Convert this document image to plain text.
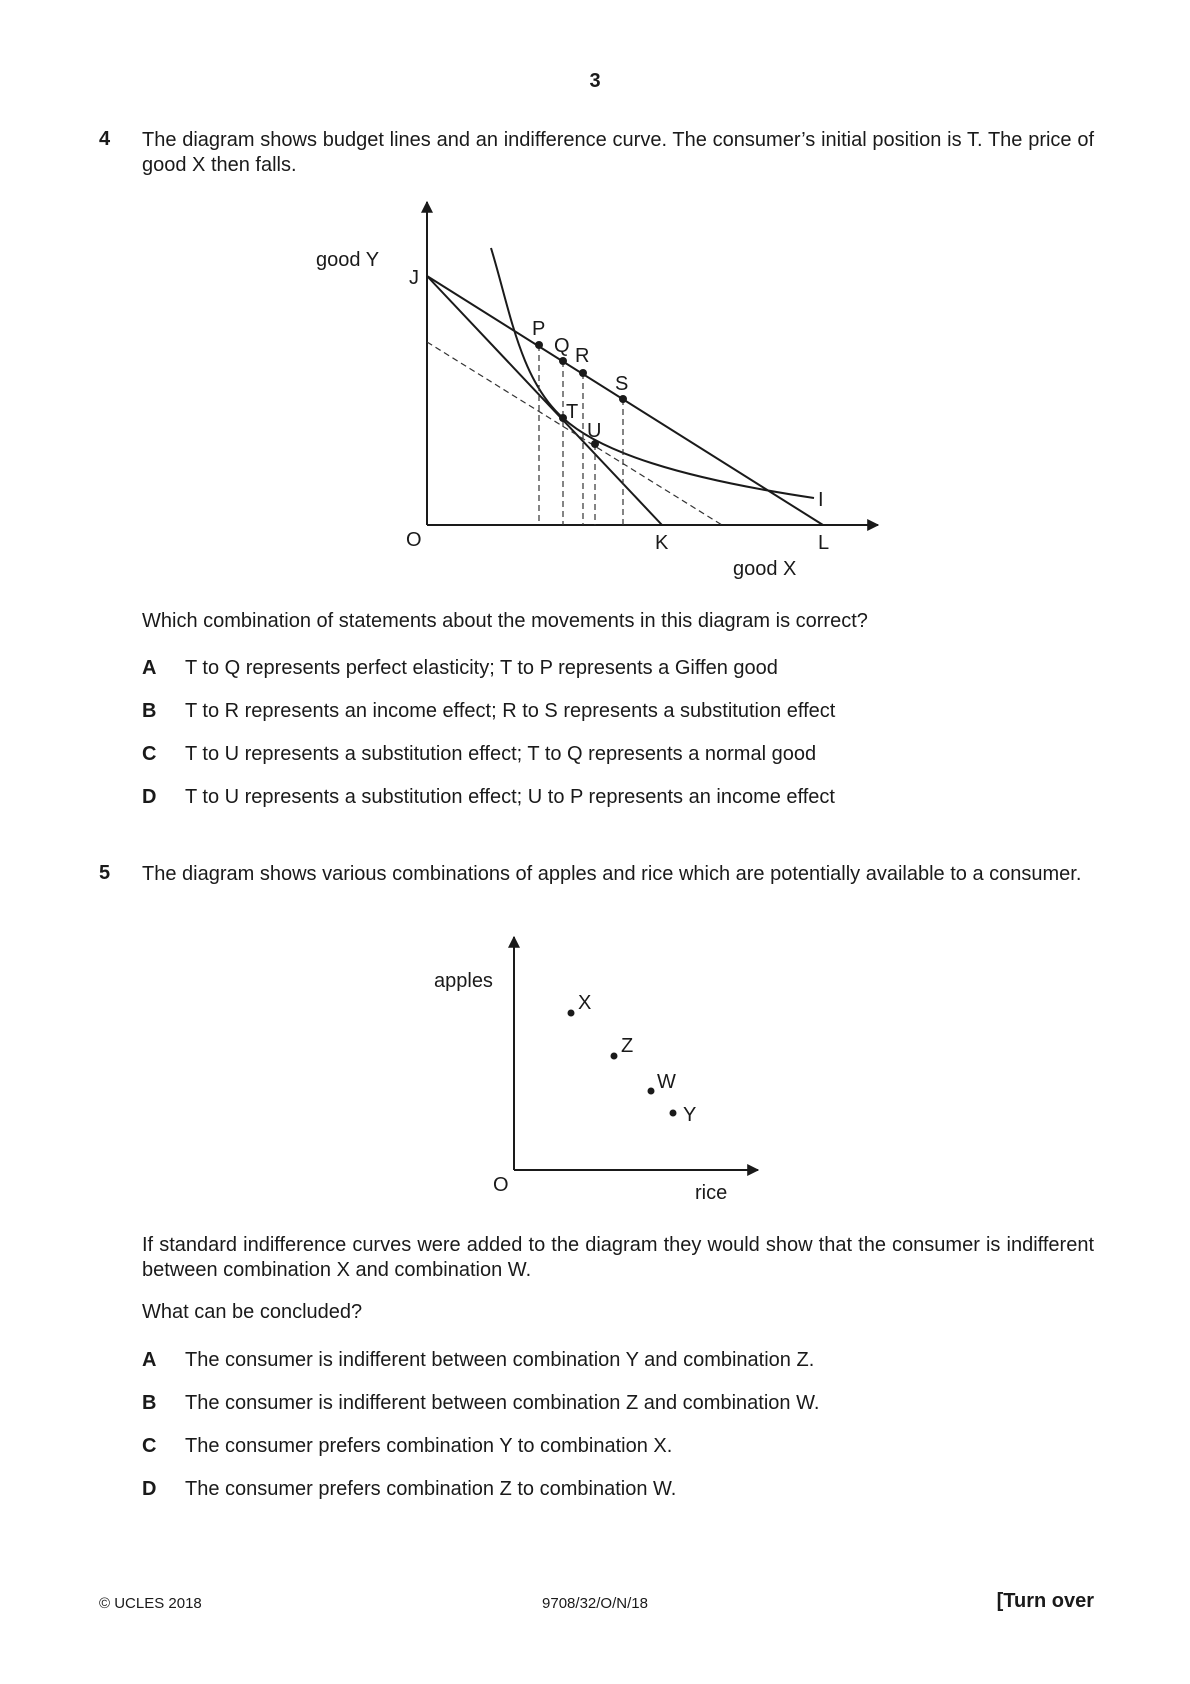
3
4 The diagram shows budget lines and an indifference curve. The consumer’s initial position is T. The price of good X then falls.
good Y
J
P
Q R
S
T
U
I
O	K	L
good X
apples
X
Z
W
Y
O	rice
Which combination of statements about the movements in this diagram is correct?
A T to Q represents perfect elasticity; T to P represents a Giffen good
B T to R represents an income effect; R to S represents a substitution effect
C T to U represents a substitution effect; T to Q represents a normal good
D T to U represents a substitution effect; U to P represents an income effect
5 The diagram shows various combinations of apples and rice which are potentially available to a consumer.
If standard indifference curves were added to the diagram they would show that the consumer is indifferent between combination X and combination W.
What can be concluded?
A The consumer is indifferent between combination Y and combination Z.
B The consumer is indifferent between combination Z and combination W.
C The consumer prefers combination Y to combination X.
D The consumer prefers combination Z to combination W.
© UCLES 2018	9708/32/O/N/18	[Turn over
